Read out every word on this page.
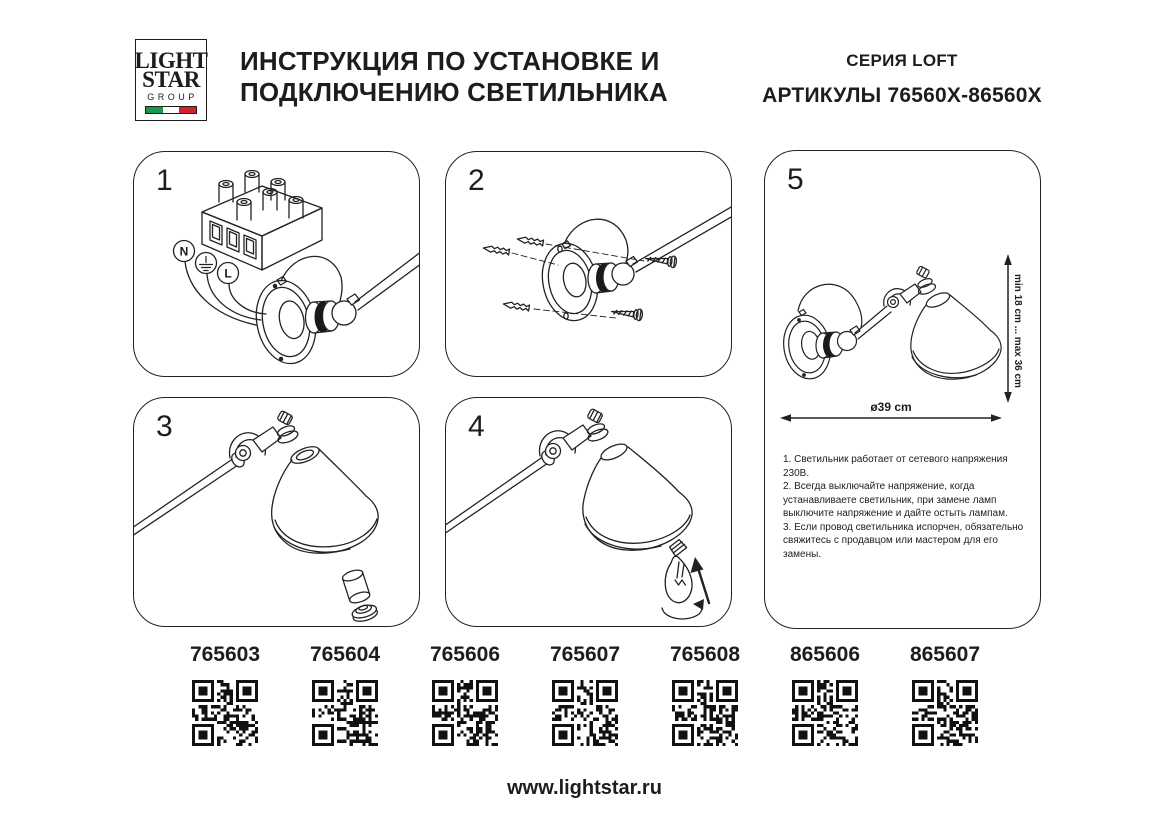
LIGHT
STAR
GROUP
ИНСТРУКЦИЯ ПО УСТАНОВКЕ И
ПОДКЛЮЧЕНИЮ СВЕТИЛЬНИКА
СЕРИЯ LOFT
АРТИКУЛЫ 76560X-86560X
1
N
L
2
3	4
5
min 18 cm ... max 36 cm
ø39 cm

1. Светильник работает от сетевого напряжения 230В.

2. Всегда выключайте напряжение, когда устанавливаете светильник, при замене ламп выключите напряжение и дайте остыть лампам.

3. Если провод светильника испорчен, обязательно свяжитесь с продавцом или мастером для его замены.

765603 765604 765606 765607 765608 865606 865607
www.lightstar.ru
